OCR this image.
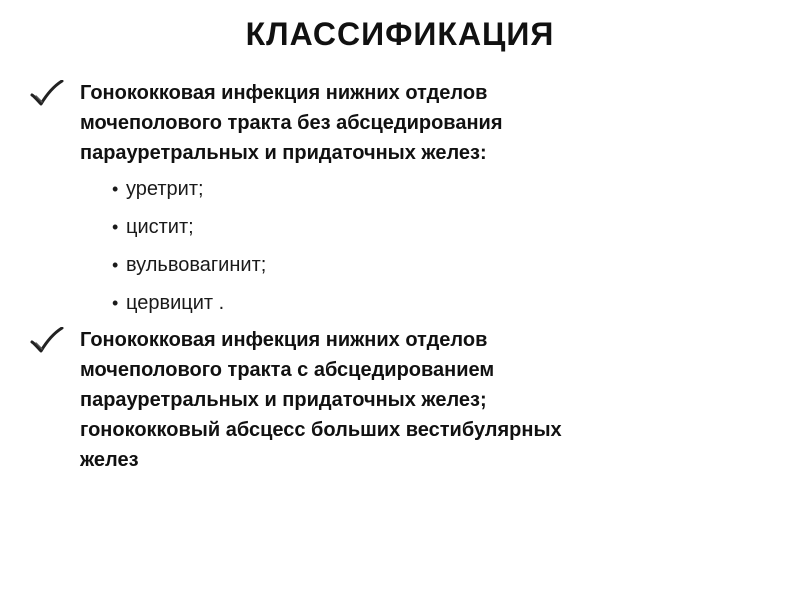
КЛАССИФИКАЦИЯ
Гонококковая инфекция нижних отделов
мочеполового тракта без абсцедирования
парауретральных и придаточных желез:
• уретрит;
• цистит;
• вульвовагинит;
• цервицит .
Гонококковая инфекция нижних отделов
мочеполового тракта с абсцедированием
парауретральных и придаточных желез;
гонококковый абсцесс больших вестибулярных
желез
